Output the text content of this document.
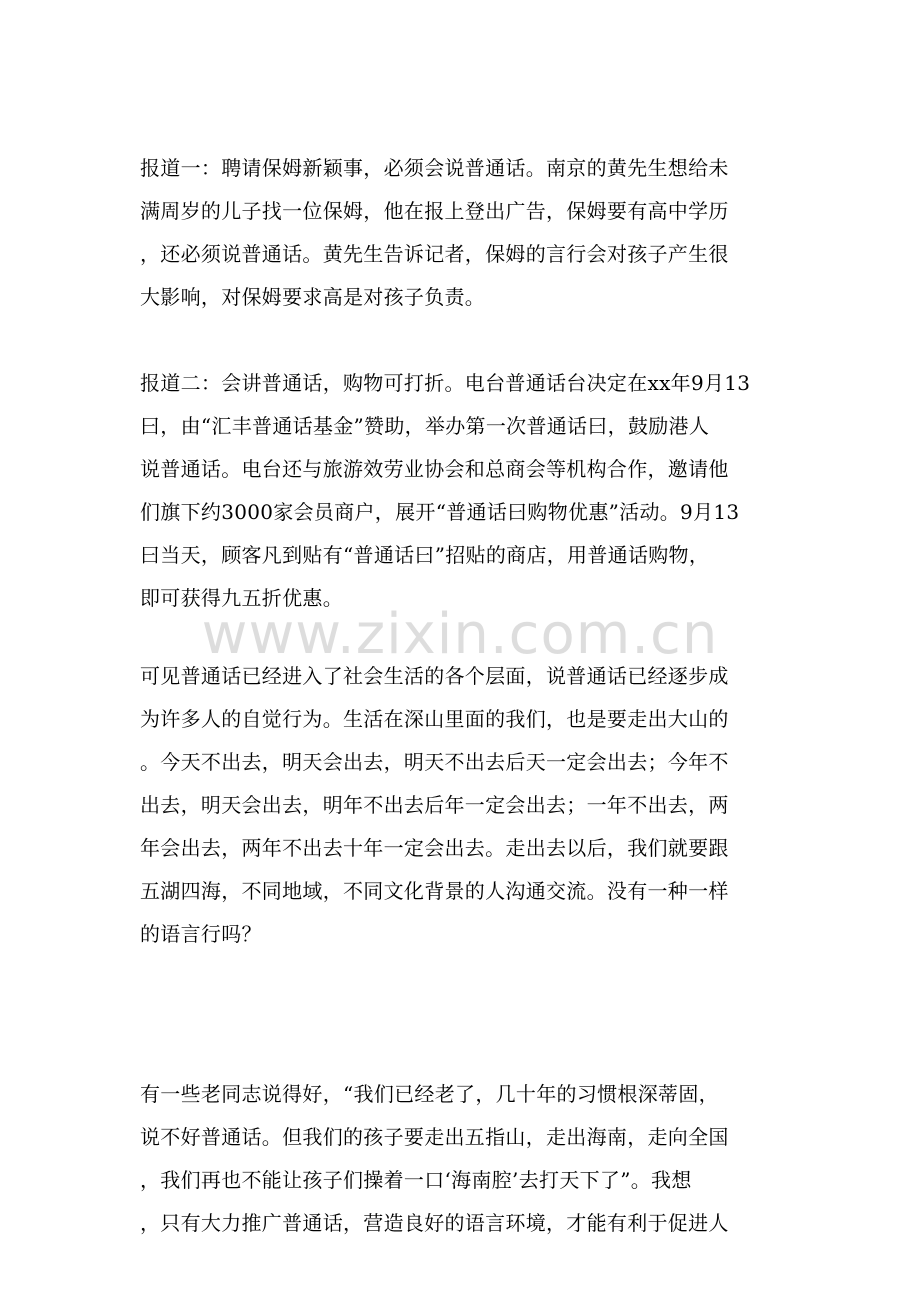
报道一：聘请保姆新颖事，必须会说普通话。南京的黄先生想给未
满周岁的儿子找一位保姆，他在报上登出广告，保姆要有高中学历
，还必须说普通话。黄先生告诉记者，保姆的言行会对孩子产生很
大影响，对保姆要求高是对孩子负责。
报道二：会讲普通话，购物可打折。电台普通话台决定在xx年9月13
曰，由“汇丰普通话基金”赞助，举办第一次普通话曰，鼓励港人
说普通话。电台还与旅游效劳业协会和总商会等机构合作，邀请他
们旗下约3000家会员商户，展开“普通话曰购物优惠”活动。9月13
曰当天，顾客凡到贴有“普通话曰”招贴的商店，用普通话购物，
即可获得九五折优惠。
可见普通话已经进入了社会生活的各个层面，说普通话已经逐步成
为许多人的自觉行为。生活在深山里面的我们，也是要走出大山的
。今天不出去，明天会出去，明天不出去后天一定会出去；今年不
出去，明天会出去，明年不出去后年一定会出去；一年不出去，两
年会出去，两年不出去十年一定会出去。走出去以后，我们就要跟
五湖四海，不同地域，不同文化背景的人沟通交流。没有一种一样
的语言行吗？
有一些老同志说得好，“我们已经老了，几十年的习惯根深蒂固，
说不好普通话。但我们的孩子要走出五指山，走出海南，走向全国
，我们再也不能让孩子们操着一口‘海南腔’去打天下了”。我想
，只有大力推广普通话，营造良好的语言环境，才能有利于促进人
www.zixin.com.cn
